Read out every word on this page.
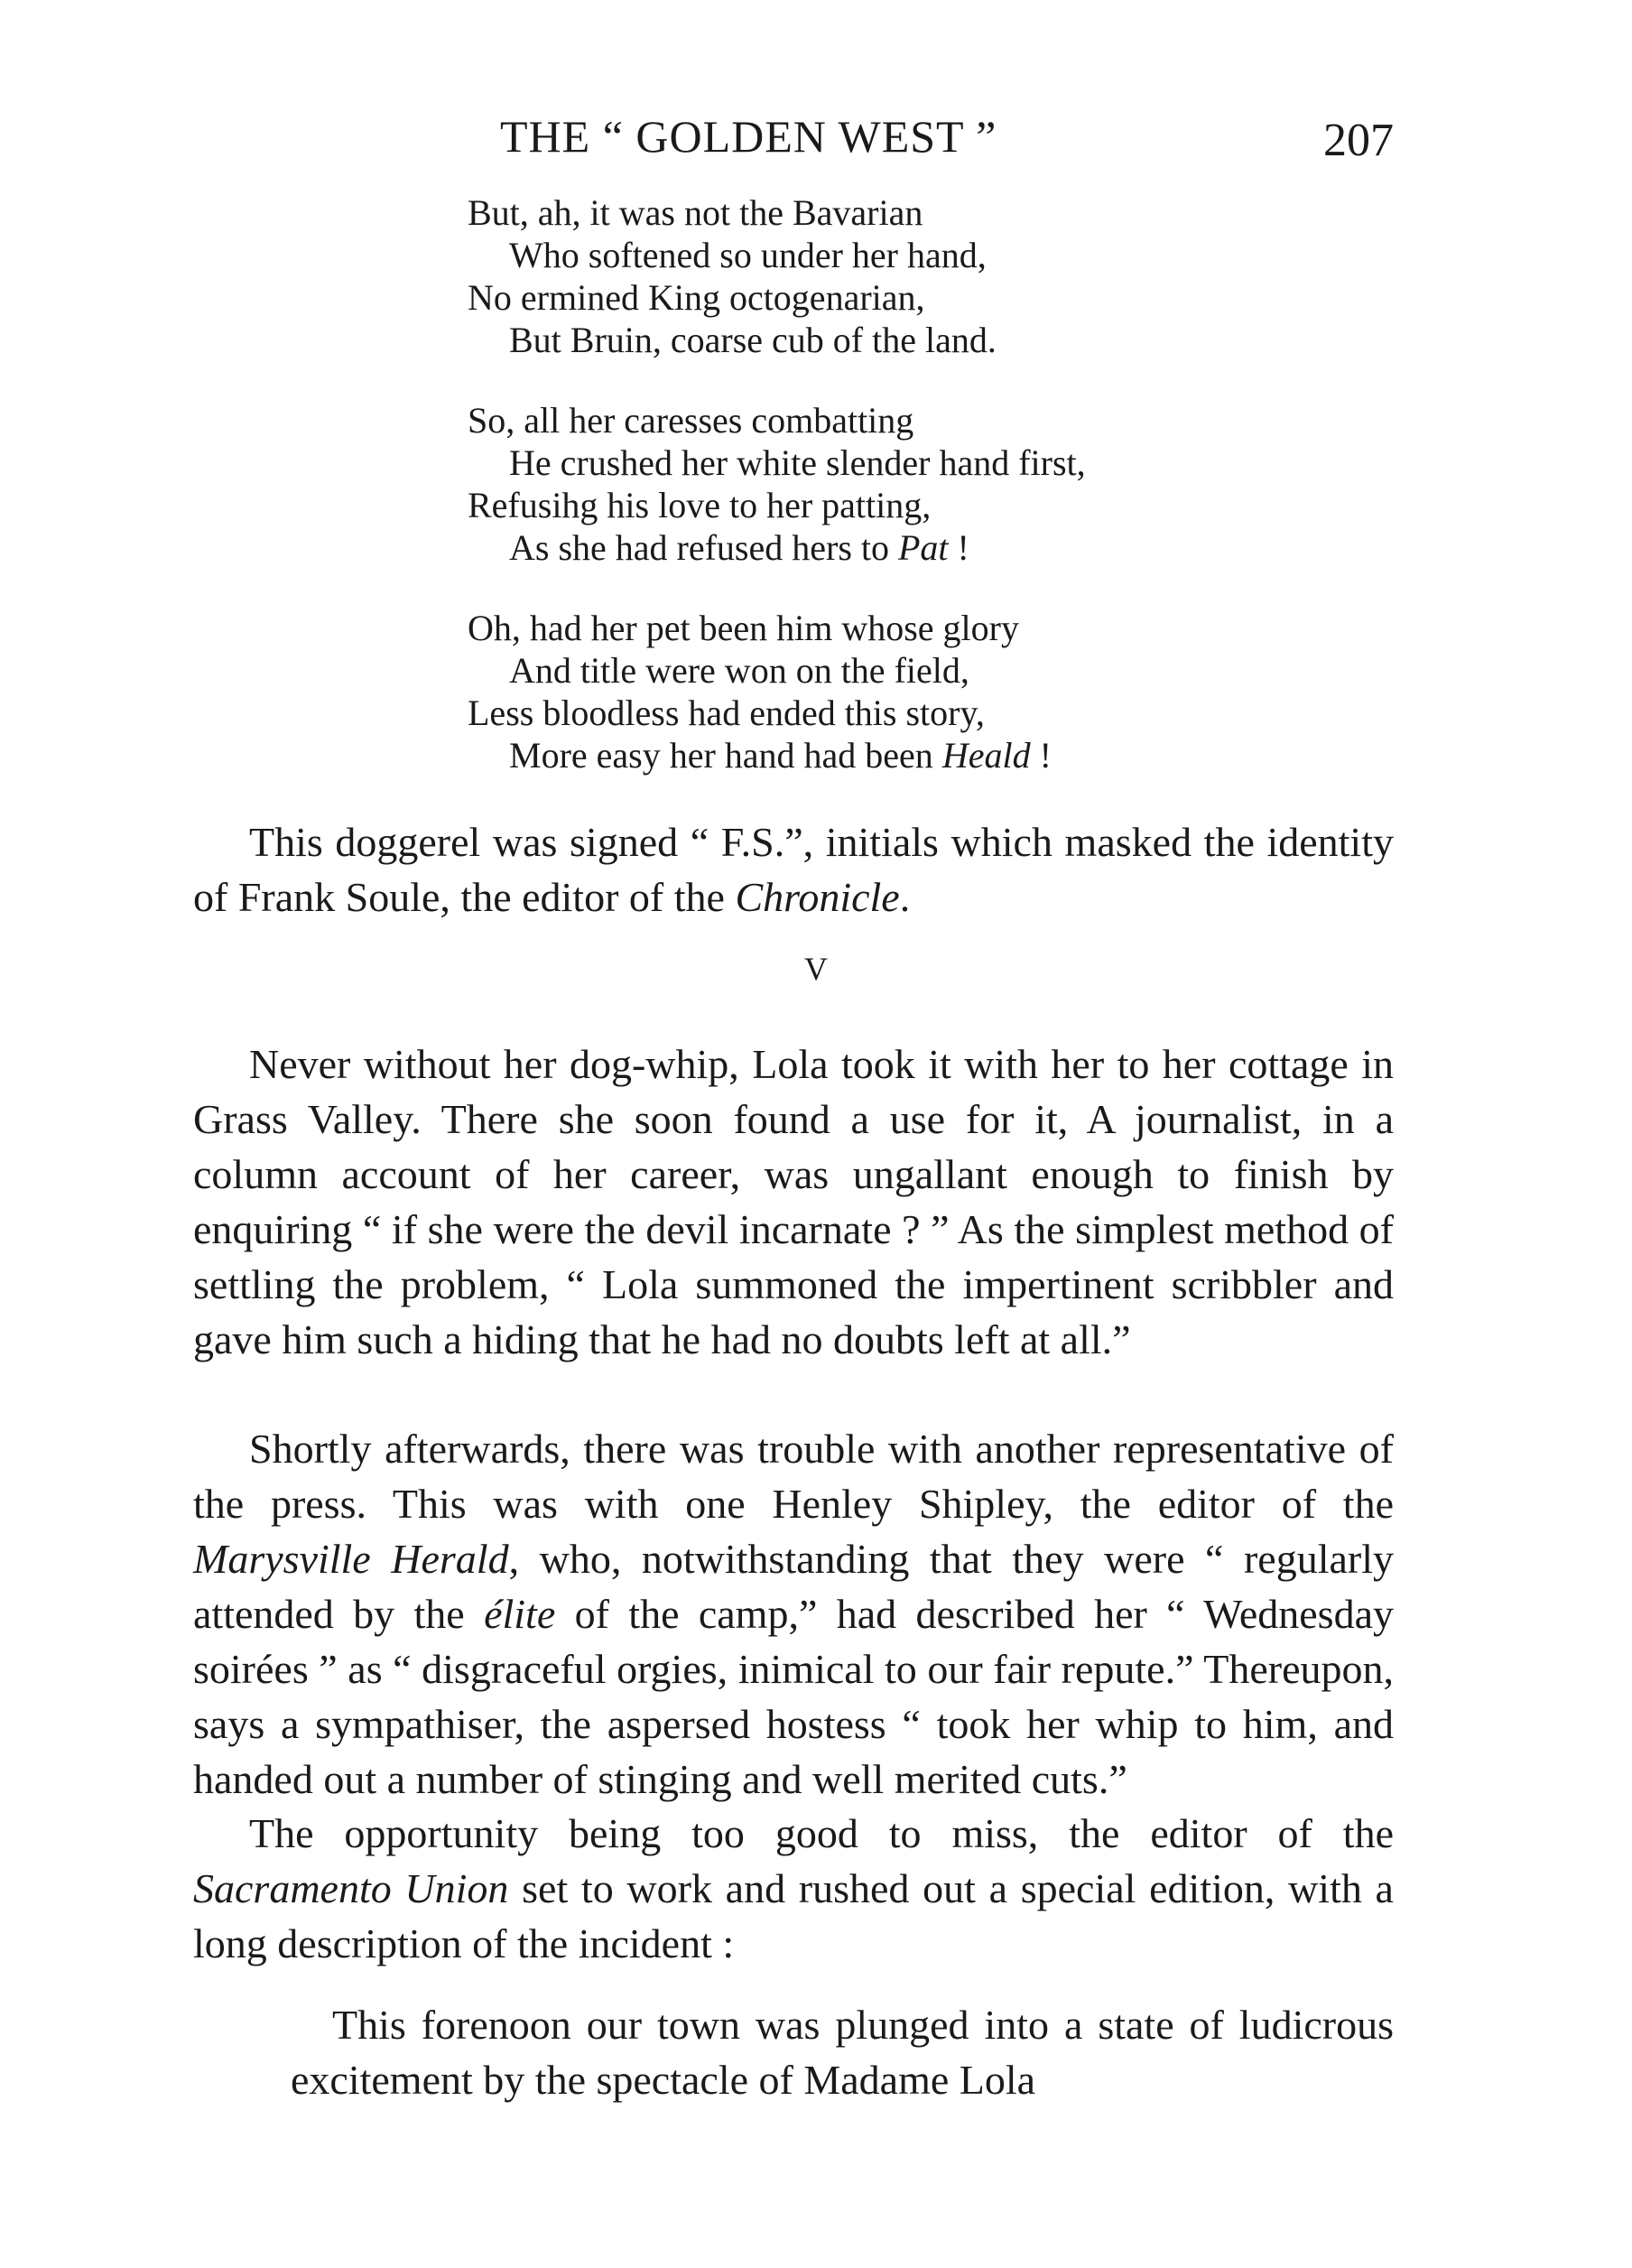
THE “ GOLDEN WEST ”	207
But, ah, it was not the Bavarian
Who softened so under her hand,
No ermined King octogenarian,
But Bruin, coarse cub of the land.
So, all her caresses combatting
He crushed her white slender hand first,
Refusihg his love to her patting,
As she had refused hers to Pat !
Oh, had her pet been him whose glory
And title were won on the field,
Less bloodless had ended this story,
More easy her hand had been Heald !

This doggerel was signed “ F.S.”, initials which masked the identity of Frank Soule, the editor of the Chronicle.

V

Never without her dog-whip, Lola took it with her to her cottage in Grass Valley. There she soon found a use for it, A journalist, in a column account of her career, was ungallant enough to finish by enquiring “ if she were the devil incarnate ? ” As the simplest method of settling the problem, “ Lola summoned the impertinent scribbler and gave him such a hiding that he had no doubts left at all.”

Shortly afterwards, there was trouble with another representative of the press. This was with one Henley Shipley, the editor of the Marysville Herald, who, notwithstanding that they were “ regularly attended by the élite of the camp,” had described her “ Wednesday soirées ” as “ disgraceful orgies, inimical to our fair repute.” Thereupon, says a sympathiser, the aspersed hostess “ took her whip to him, and handed out a number of stinging and well merited cuts.”

The opportunity being too good to miss, the editor of the Sacramento Union set to work and rushed out a special edition, with a long description of the incident :

This forenoon our town was plunged into a state of ludicrous excitement by the spectacle of Madame Lola
